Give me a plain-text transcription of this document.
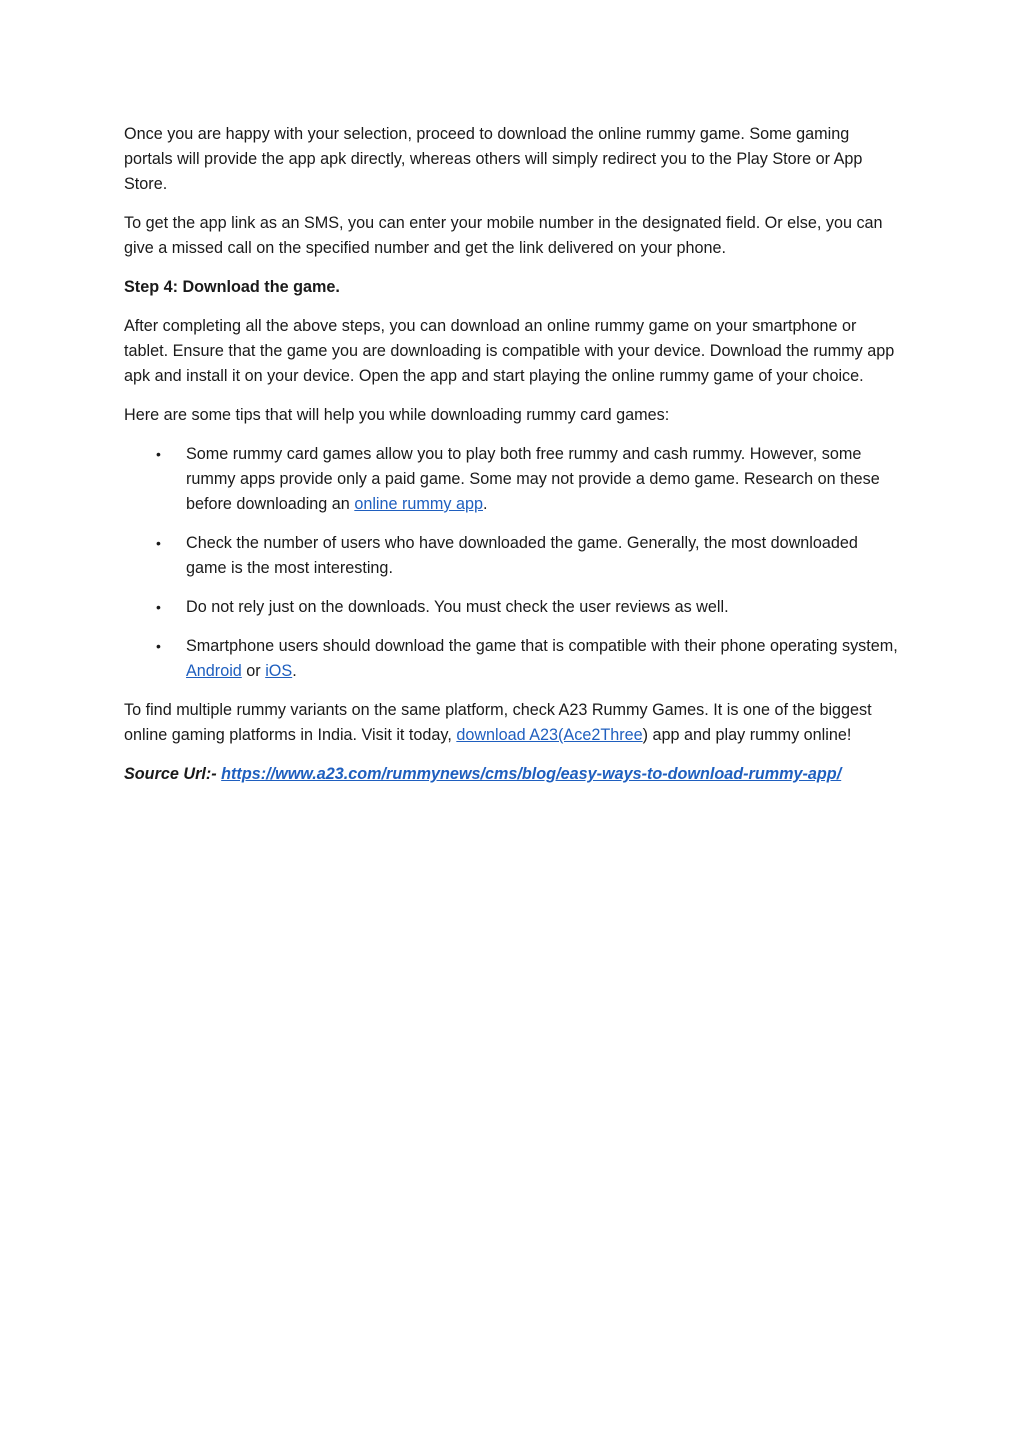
Once you are happy with your selection, proceed to download the online rummy game. Some gaming portals will provide the app apk directly, whereas others will simply redirect you to the Play Store or App Store.

To get the app link as an SMS, you can enter your mobile number in the designated field. Or else, you can give a missed call on the specified number and get the link delivered on your phone.

Step 4: Download the game.

After completing all the above steps, you can download an online rummy game on your smartphone or tablet. Ensure that the game you are downloading is compatible with your device. Download the rummy app apk and install it on your device. Open the app and start playing the online rummy game of your choice.

Here are some tips that will help you while downloading rummy card games:

• Some rummy card games allow you to play both free rummy and cash rummy. However, some rummy apps provide only a paid game. Some may not provide a demo game. Research on these before downloading an online rummy app.
• Check the number of users who have downloaded the game. Generally, the most downloaded game is the most interesting.
• Do not rely just on the downloads. You must check the user reviews as well.
• Smartphone users should download the game that is compatible with their phone operating system, Android or iOS.

To find multiple rummy variants on the same platform, check A23 Rummy Games. It is one of the biggest online gaming platforms in India. Visit it today, download A23(Ace2Three) app and play rummy online!

Source Url:- https://www.a23.com/rummynews/cms/blog/easy-ways-to-download-rummy-app/
